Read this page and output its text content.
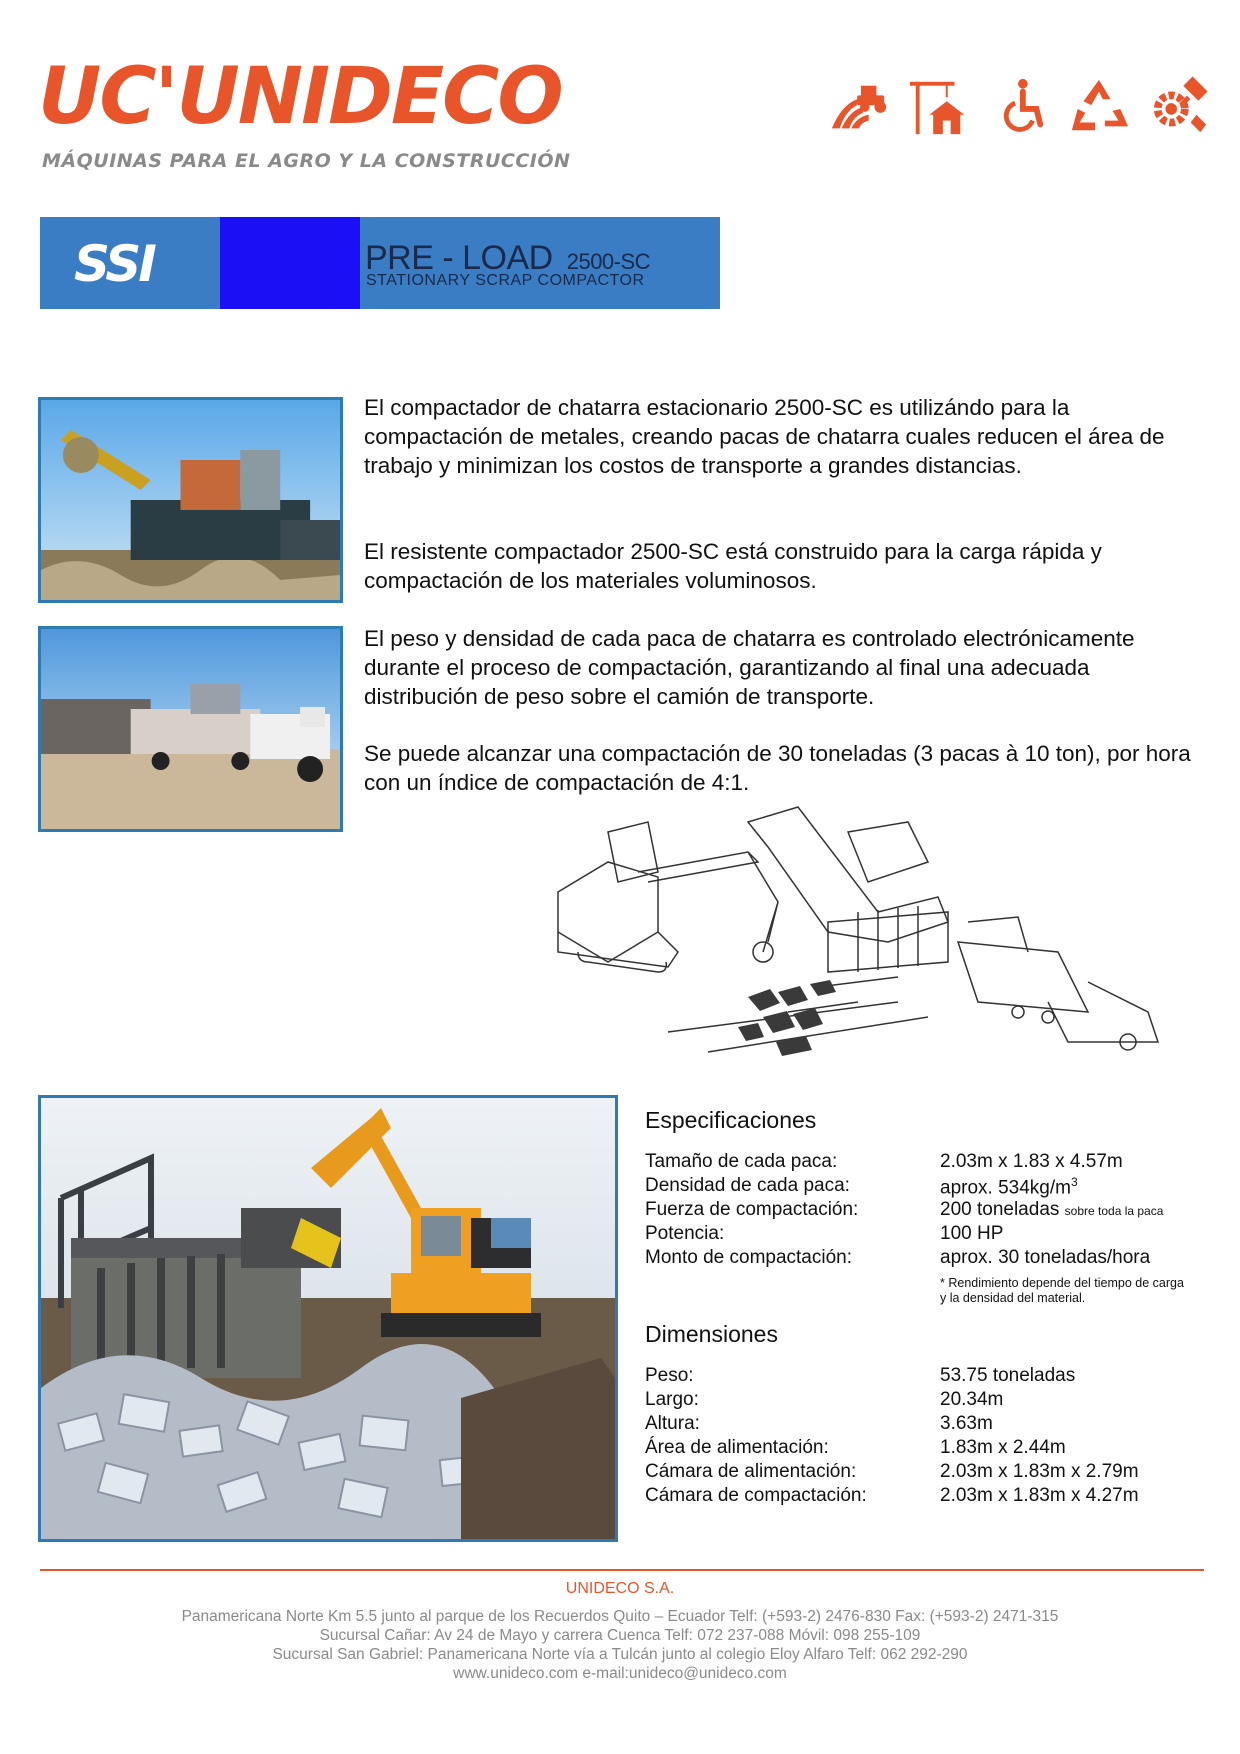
UC'UNIDECO
MÁQUINAS PARA EL AGRO Y LA CONSTRUCCIÓN
SSI	PRE - LOAD 2500-SC
STATIONARY SCRAP COMPACTOR
El compactador de chatarra estacionario 2500-SC es utilizándo para la compactación de metales, creando pacas de chatarra cuales reducen el área de trabajo y minimizan los costos de transporte a grandes distancias.
El resistente compactador 2500-SC está construido para la carga rápida y compactación de los materiales voluminosos.
El peso y densidad de cada paca de chatarra es controlado electrónicamente durante el proceso de compactación, garantizando al final una adecuada distribución de peso sobre el camión de transporte.
Se puede alcanzar una compactación de 30 toneladas (3 pacas à 10 ton), por hora con un índice de compactación de 4:1.
Especificaciones
Tamaño de cada paca:	2.03m x 1.83 x 4.57m
Densidad de cada paca:	aprox. $534kg/m^3$
Fuerza de compactación:	200 toneladas sobre toda la paca
Potencia:	100 HP
Monto de compactación:	aprox. 30 toneladas/hora
* Rendimiento depende del tiempo de carga y la densidad del material.
Dimensiones
Peso:	53.75 toneladas
Largo:	20.34m
Altura:	3.63m
Área de alimentación:	1.83m x 2.44m
Cámara de alimentación:	2.03m x 1.83m x 2.79m
Cámara de compactación:	2.03m x 1.83m x 4.27m
UNIDECO S.A.
Panamericana Norte Km 5.5 junto al parque de los Recuerdos Quito – Ecuador Telf: (+593-2) 2476-830 Fax: (+593-2) 2471-315
Sucursal Cañar: Av 24 de Mayo y carrera Cuenca Telf: 072 237-088 Móvil: 098 255-109
Sucursal San Gabriel: Panamericana Norte vía a Tulcán junto al colegio Eloy Alfaro Telf: 062 292-290
www.unideco.com e-mail:unideco@unideco.com
